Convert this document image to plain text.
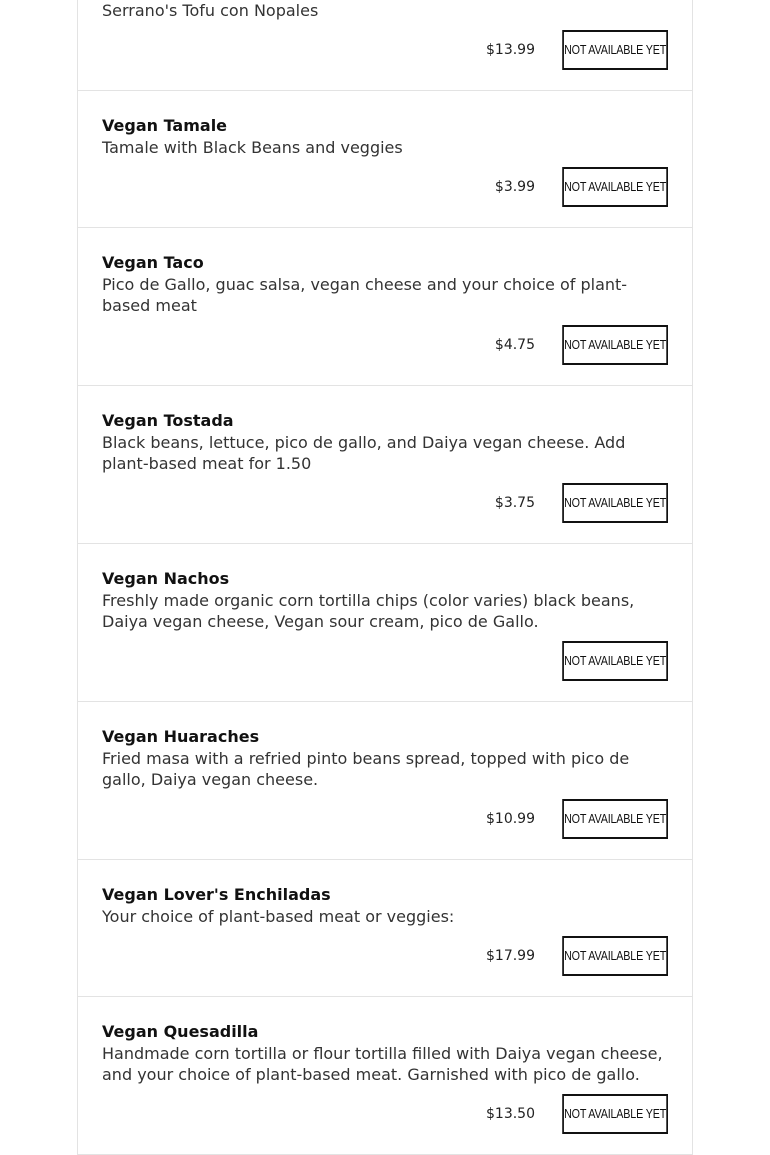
Serrano's Tofu con Nopales

$13.99 NOT AVAILABLE YET

Vegan Tamale

Tamale with Black Beans and veggies

$3.99 NOT AVAILABLE YET

Vegan Taco

Pico de Gallo, guac salsa, vegan cheese and your choice of plant-based meat

$4.75 NOT AVAILABLE YET

Vegan Tostada

Black beans, lettuce, pico de gallo, and Daiya vegan cheese. Add plant-based meat for 1.50

$3.75 NOT AVAILABLE YET

Vegan Nachos

Freshly made organic corn tortilla chips (color varies) black beans, Daiya vegan cheese, Vegan sour cream, pico de Gallo.

NOT AVAILABLE YET

Vegan Huaraches

Fried masa with a refried pinto beans spread, topped with pico de gallo, Daiya vegan cheese.

$10.99 NOT AVAILABLE YET

Vegan Lover's Enchiladas

Your choice of plant-based meat or veggies:

$17.99 NOT AVAILABLE YET

Vegan Quesadilla

Handmade corn tortilla or flour tortilla filled with Daiya vegan cheese, and your choice of plant-based meat. Garnished with pico de gallo.

$13.50 NOT AVAILABLE YET
